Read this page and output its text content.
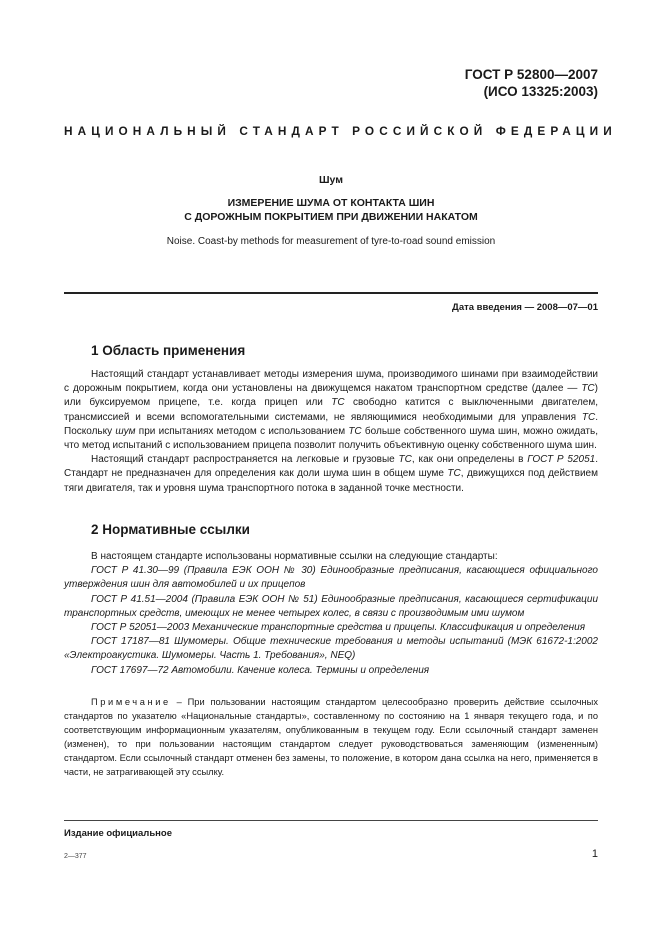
ГОСТ Р 52800—2007
(ИСО 13325:2003)
НАЦИОНАЛЬНЫЙ СТАНДАРТ РОССИЙСКОЙ ФЕДЕРАЦИИ
Шум
ИЗМЕРЕНИЕ ШУМА ОТ КОНТАКТА ШИН
С ДОРОЖНЫМ ПОКРЫТИЕМ ПРИ ДВИЖЕНИИ НАКАТОМ
Noise. Coast-by methods for measurement of tyre-to-road sound emission
Дата введения — 2008—07—01
1 Область применения

Настоящий стандарт устанавливает методы измерения шума, производимого шинами при взаимодействии с дорожным покрытием, когда они установлены на движущемся накатом транспортном средстве (далее — ТС) или буксируемом прицепе, т.е. когда прицеп или ТС свободно катится с выключенными двигателем, трансмиссией и всеми вспомогательными системами, не являющимися необходимыми для управления ТС. Поскольку шум при испытаниях методом с использованием ТС больше собственного шума шин, можно ожидать, что метод испытаний с использованием прицепа позволит получить объективную оценку собственного шума шин.

Настоящий стандарт распространяется на легковые и грузовые ТС, как они определены в ГОСТ Р 52051. Стандарт не предназначен для определения как доли шума шин в общем шуме ТС, движущихся под действием тяги двигателя, так и уровня шума транспортного потока в заданной точке местности.

2 Нормативные ссылки

В настоящем стандарте использованы нормативные ссылки на следующие стандарты:

ГОСТ Р 41.30—99 (Правила ЕЭК ООН № 30) Единообразные предписания, касающиеся официального утверждения шин для автомобилей и их прицепов

ГОСТ Р 41.51—2004 (Правила ЕЭК ООН № 51) Единообразные предписания, касающиеся сертификации транспортных средств, имеющих не менее четырех колес, в связи с производимым ими шумом

ГОСТ Р 52051—2003 Механические транспортные средства и прицепы. Классификация и определения

ГОСТ 17187—81 Шумомеры. Общие технические требования и методы испытаний (МЭК 61672-1:2002 «Электроакустика. Шумомеры. Часть 1. Требования», NEQ)

ГОСТ 17697—72 Автомобили. Качение колеса. Термины и определения

Примечание – При пользовании настоящим стандартом целесообразно проверить действие ссылочных стандартов по указателю «Национальные стандарты», составленному по состоянию на 1 января текущего года, и по соответствующим информационным указателям, опубликованным в текущем году. Если ссылочный стандарт заменен (изменен), то при пользовании настоящим стандартом следует руководствоваться заменяющим (измененным) стандартом. Если ссылочный стандарт отменен без замены, то положение, в котором дана ссылка на него, применяется в части, не затрагивающей эту ссылку.

Издание официальное
2—377	1
